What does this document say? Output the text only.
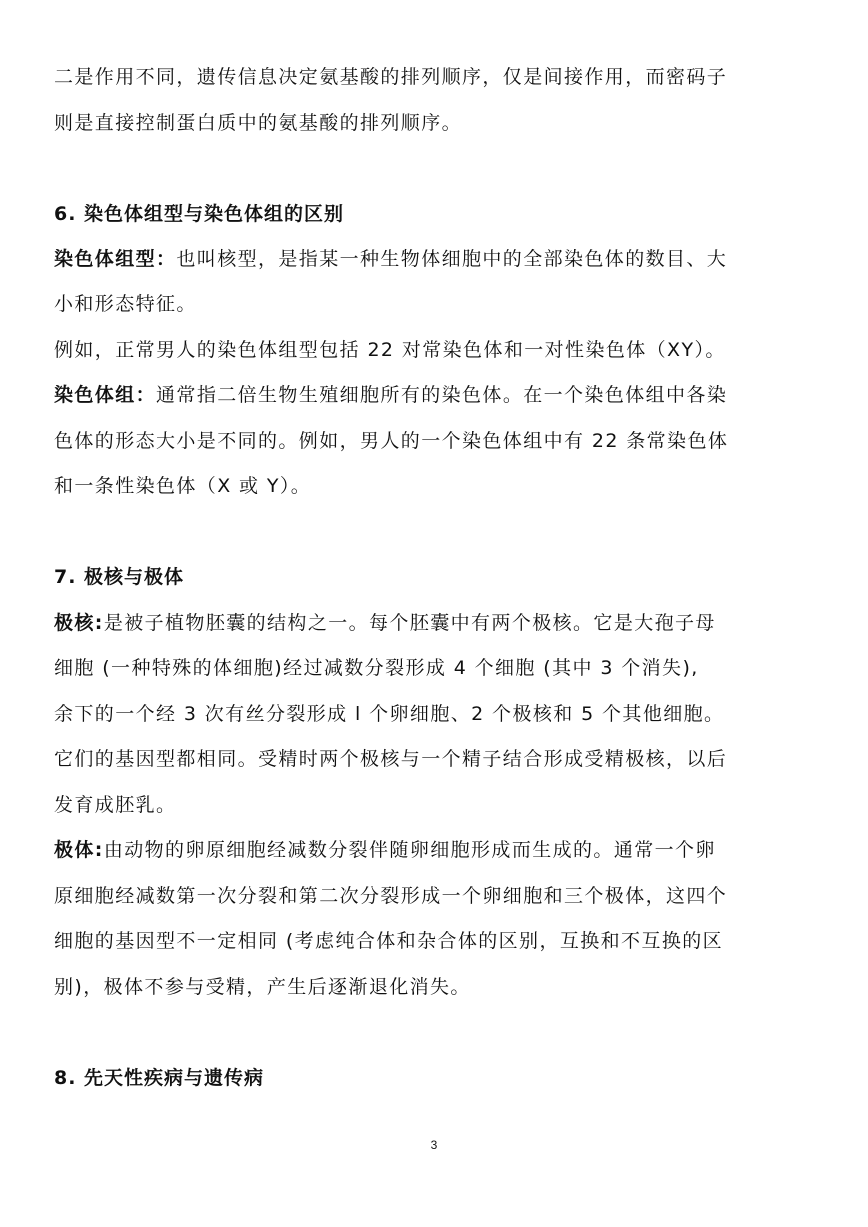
二是作用不同，遗传信息决定氨基酸的排列顺序，仅是间接作用，而密码子
则是直接控制蛋白质中的氨基酸的排列顺序。
6. 染色体组型与染色体组的区别
染色体组型：也叫核型，是指某一种生物体细胞中的全部染色体的数目、大
小和形态特征。
例如，正常男人的染色体组型包括 22 对常染色体和一对性染色体（XY）。
染色体组：通常指二倍生物生殖细胞所有的染色体。在一个染色体组中各染
色体的形态大小是不同的。例如，男人的一个染色体组中有 22 条常染色体
和一条性染色体（X 或 Y）。
7. 极核与极体
极核:是被子植物胚囊的结构之一。每个胚囊中有两个极核。它是大孢子母
细胞 (一种特殊的体细胞)经过减数分裂形成 4 个细胞 (其中 3 个消失),
余下的一个经 3 次有丝分裂形成 l 个卵细胞、2 个极核和 5 个其他细胞。
它们的基因型都相同。受精时两个极核与一个精子结合形成受精极核，以后
发育成胚乳。
极体:由动物的卵原细胞经减数分裂伴随卵细胞形成而生成的。通常一个卵
原细胞经减数第一次分裂和第二次分裂形成一个卵细胞和三个极体，这四个
细胞的基因型不一定相同 (考虑纯合体和杂合体的区别，互换和不互换的区
别)，极体不参与受精，产生后逐渐退化消失。
8. 先天性疾病与遗传病
3
